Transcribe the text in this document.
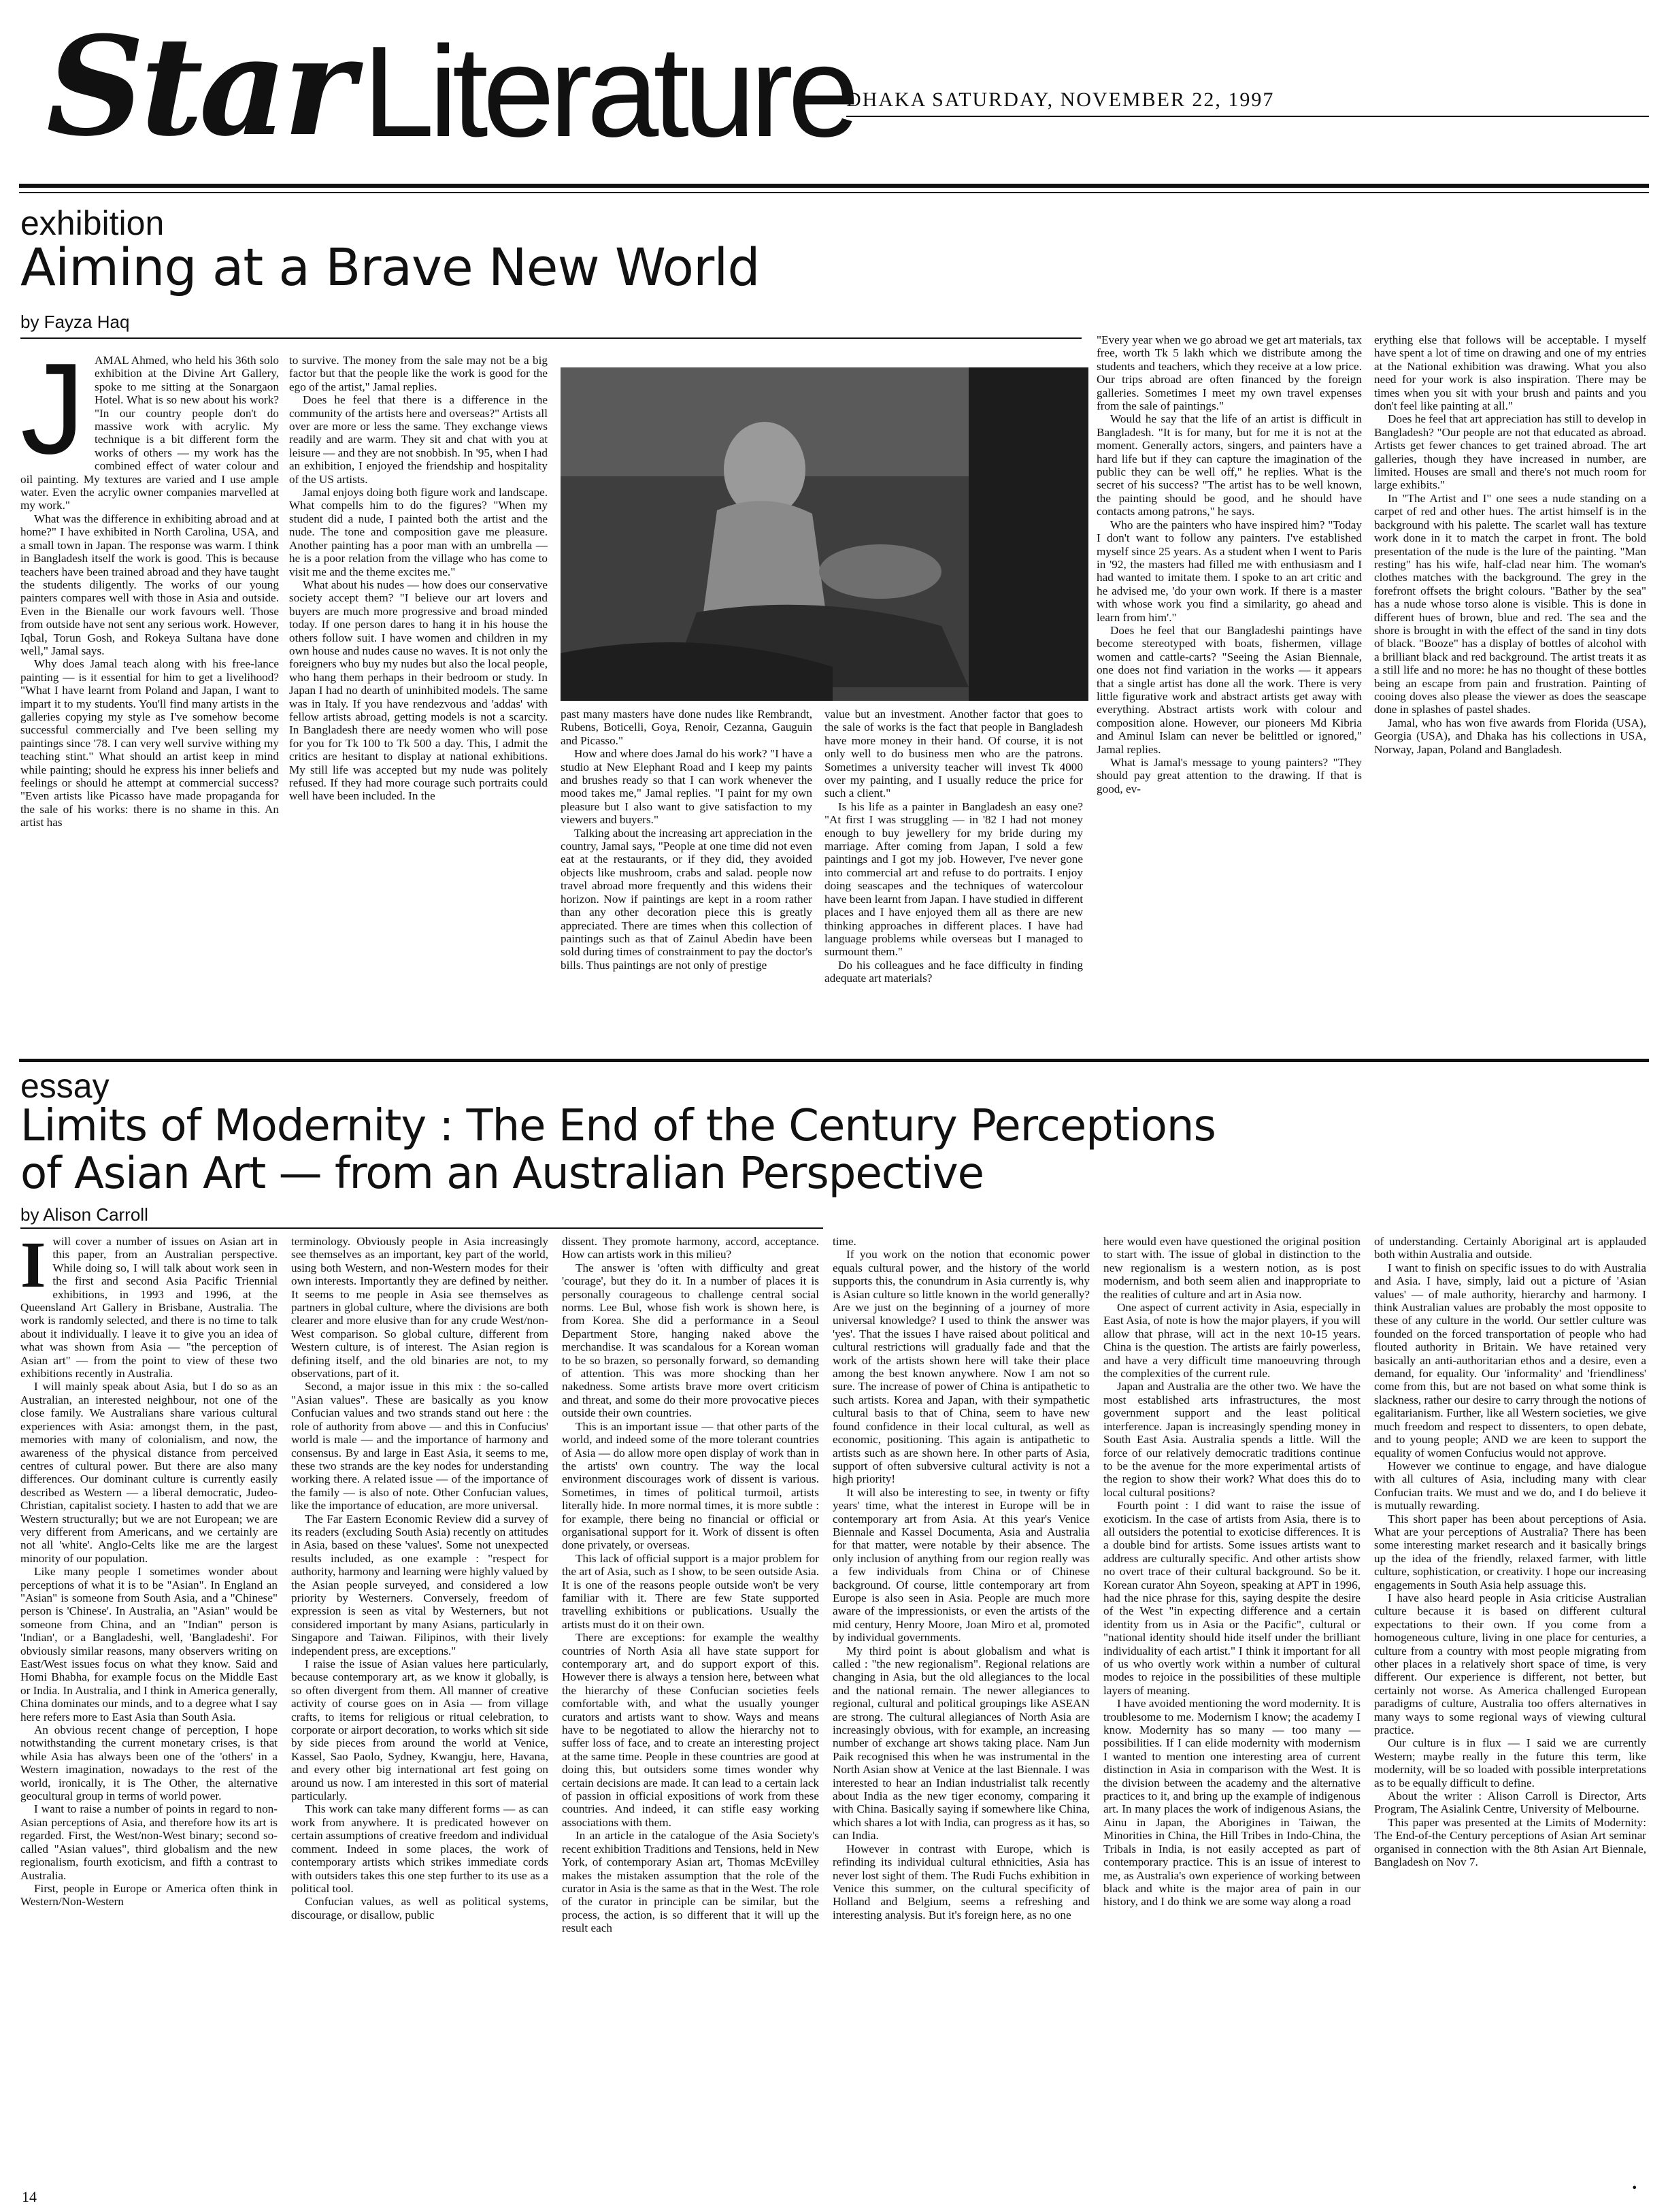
Star Literature
DHAKA SATURDAY, NOVEMBER 22, 1997
exhibition
Aiming at a Brave New World
by Fayza Haq
J AMAL Ahmed, who held his 36th solo exhibition at the Divine Art Gallery, spoke to me sitting at the Sonargaon Hotel. What is so new about his work? "In our country people don't do massive work with acrylic. My technique is a bit different form the works of others — my work has the combined effect of water colour and oil painting. My textures are varied and I use ample water. Even the acrylic owner companies marvelled at my work."

What was the difference in exhibiting abroad and at home?" I have exhibited in North Carolina, USA, and a small town in Japan. The response was warm. I think in Bangladesh itself the work is good. This is because teachers have been trained abroad and they have taught the students diligently. The works of our young painters compares well with those in Asia and outside. Even in the Bienalle our work favours well. Those from outside have not sent any serious work. However, Iqbal, Torun Gosh, and Rokeya Sultana have done well," Jamal says.

Why does Jamal teach along with his free-lance painting — is it essential for him to get a livelihood? "What I have learnt from Poland and Japan, I want to impart it to my students. You'll find many artists in the galleries copying my style as I've somehow become successful commercially and I've been selling my paintings since '78. I can very well survive withing my teaching stint." What should an artist keep in mind while painting; should he express his inner beliefs and feelings or should he attempt at commercial success? "Even artists like Picasso have made propaganda for the sale of his works: there is no shame in this. An artist has

to survive. The money from the sale may not be a big factor but that the people like the work is good for the ego of the artist," Jamal replies.

Does he feel that there is a difference in the community of the artists here and overseas?" Artists all over are more or less the same. They exchange views readily and are warm. They sit and chat with you at leisure — and they are not snobbish. In '95, when I had an exhibition, I enjoyed the friendship and hospitality of the US artists.

Jamal enjoys doing both figure work and landscape. What compells him to do the figures? "When my student did a nude, I painted both the artist and the nude. The tone and composition gave me pleasure. Another painting has a poor man with an umbrella — he is a poor relation from the village who has come to visit me and the theme excites me."

What about his nudes — how does our conservative society accept them? "I believe our art lovers and buyers are much more progressive and broad minded today. If one person dares to hang it in his house the others follow suit. I have women and children in my own house and nudes cause no waves. It is not only the foreigners who buy my nudes but also the local people, who hang them perhaps in their bedroom or study. In Japan I had no dearth of uninhibited models. The same was in Italy. If you have rendezvous and 'addas' with fellow artists abroad, getting models is not a scarcity. In Bangladesh there are needy women who will pose for you for Tk 100 to Tk 500 a day. This, I admit the critics are hesitant to display at national exhibitions. My still life was accepted but my nude was politely refused. If they had more courage such portraits could well have been included. In the

past many masters have done nudes like Rembrandt, Rubens, Boticelli, Goya, Renoir, Cezanna, Gauguin and Picasso."

How and where does Jamal do his work? "I have a studio at New Elephant Road and I keep my paints and brushes ready so that I can work whenever the mood takes me," Jamal replies. "I paint for my own pleasure but I also want to give satisfaction to my viewers and buyers."

Talking about the increasing art appreciation in the country, Jamal says, "People at one time did not even eat at the restaurants, or if they did, they avoided objects like mushroom, crabs and salad. people now travel abroad more frequently and this widens their horizon. Now if paintings are kept in a room rather than any other decoration piece this is greatly appreciated. There are times when this collection of paintings such as that of Zainul Abedin have been sold during times of constrainment to pay the doctor's bills. Thus paintings are not only of prestige

value but an investment. Another factor that goes to the sale of works is the fact that people in Bangladesh have more money in their hand. Of course, it is not only well to do business men who are the patrons. Sometimes a university teacher will invest Tk 4000 over my painting, and I usually reduce the price for such a client."

Is his life as a painter in Bangladesh an easy one? "At first I was struggling — in '82 I had not money enough to buy jewellery for my bride during my marriage. After coming from Japan, I sold a few paintings and I got my job. However, I've never gone into commercial art and refuse to do portraits. I enjoy doing seascapes and the techniques of watercolour have been learnt from Japan. I have studied in different places and I have enjoyed them all as there are new thinking approaches in different places. I have had language problems while overseas but I managed to surmount them."

Do his colleagues and he face difficulty in finding adequate art materials?

"Every year when we go abroad we get art materials, tax free, worth Tk 5 lakh which we distribute among the students and teachers, which they receive at a low price. Our trips abroad are often financed by the foreign galleries. Sometimes I meet my own travel expenses from the sale of paintings."

Would he say that the life of an artist is difficult in Bangladesh. "It is for many, but for me it is not at the moment. Generally actors, singers, and painters have a hard life but if they can capture the imagination of the public they can be well off," he replies. What is the secret of his success? "The artist has to be well known, the painting should be good, and he should have contacts among patrons," he says.

Who are the painters who have inspired him? "Today I don't want to follow any painters. I've established myself since 25 years. As a student when I went to Paris in '92, the masters had filled me with enthusiasm and I had wanted to imitate them. I spoke to an art critic and he advised me, 'do your own work. If there is a master with whose work you find a similarity, go ahead and learn from him'."

Does he feel that our Bangladeshi paintings have become stereotyped with boats, fishermen, village women and cattle-carts? "Seeing the Asian Biennale, one does not find variation in the works — it appears that a single artist has done all the work. There is very little figurative work and abstract artists get away with everything. Abstract artists work with colour and composition alone. However, our pioneers Md Kibria and Aminul Islam can never be belittled or ignored," Jamal replies.

What is Jamal's message to young painters? "They should pay great attention to the drawing. If that is good, ev-

erything else that follows will be acceptable. I myself have spent a lot of time on drawing and one of my entries at the National exhibition was drawing. What you also need for your work is also inspiration. There may be times when you sit with your brush and paints and you don't feel like painting at all."

Does he feel that art appreciation has still to develop in Bangladesh? "Our people are not that educated as abroad. Artists get fewer chances to get trained abroad. The art galleries, though they have increased in number, are limited. Houses are small and there's not much room for large exhibits."

In "The Artist and I" one sees a nude standing on a carpet of red and other hues. The artist himself is in the background with his palette. The scarlet wall has texture work done in it to match the carpet in front. The bold presentation of the nude is the lure of the painting. "Man resting" has his wife, half-clad near him. The woman's clothes matches with the background. The grey in the forefront offsets the bright colours. "Bather by the sea" has a nude whose torso alone is visible. This is done in different hues of brown, blue and red. The sea and the shore is brought in with the effect of the sand in tiny dots of black. "Booze" has a display of bottles of alcohol with a brilliant black and red background. The artist treats it as a still life and no more: he has no thought of these bottles being an escape from pain and frustration. Painting of cooing doves also please the viewer as does the seascape done in splashes of pastel shades.

Jamal, who has won five awards from Florida (USA), Georgia (USA), and Dhaka has his collections in USA, Norway, Japan, Poland and Bangladesh.

essay
Limits of Modernity : The End of the Century Perceptions
of Asian Art — from an Australian Perspective
by Alison Carroll
I will cover a number of issues on Asian art in this paper, from an Australian perspective. While doing so, I will talk about work seen in the first and second Asia Pacific Triennial exhibitions, in 1993 and 1996, at the Queensland Art Gallery in Brisbane, Australia. The work is randomly selected, and there is no time to talk about it individually. I leave it to give you an idea of what was shown from Asia — "the perception of Asian art" — from the point to view of these two exhibitions recently in Australia.

I will mainly speak about Asia, but I do so as an Australian, an interested neighbour, not one of the close family. We Australians share various cultural experiences with Asia: amongst them, in the past, memories with many of colonialism, and now, the awareness of the physical distance from perceived centres of cultural power. But there are also many differences. Our dominant culture is currently easily described as Western — a liberal democratic, Judeo-Christian, capitalist society. I hasten to add that we are Western structurally; but we are not European; we are very different from Americans, and we certainly are not all 'white'. Anglo-Celts like me are the largest minority of our population.

Like many people I sometimes wonder about perceptions of what it is to be "Asian". In England an "Asian" is someone from South Asia, and a "Chinese" person is 'Chinese'. In Australia, an "Asian" would be someone from China, and an "Indian" person is 'Indian', or a Bangladeshi, well, 'Bangladeshi'. For obviously similar reasons, many observers writing on East/West issues focus on what they know. Said and Homi Bhabha, for example focus on the Middle East or India. In Australia, and I think in America generally, China dominates our minds, and to a degree what I say here refers more to East Asia than South Asia.

An obvious recent change of perception, I hope notwithstanding the current monetary crises, is that while Asia has always been one of the 'others' in a Western imagination, nowadays to the rest of the world, ironically, it is The Other, the alternative geocultural group in terms of world power.

I want to raise a number of points in regard to non-Asian perceptions of Asia, and therefore how its art is regarded. First, the West/non-West binary; second so-called "Asian values", third globalism and the new regionalism, fourth exoticism, and fifth a contrast to Australia.

First, people in Europe or America often think in Western/Non-Western

terminology. Obviously people in Asia increasingly see themselves as an important, key part of the world, using both Western, and non-Western modes for their own interests. Importantly they are defined by neither. It seems to me people in Asia see themselves as partners in global culture, where the divisions are both clearer and more elusive than for any crude West/non-West comparison. So global culture, different from Western culture, is of interest. The Asian region is defining itself, and the old binaries are not, to my observations, part of it.

Second, a major issue in this mix : the so-called "Asian values". These are basically as you know Confucian values and two strands stand out here : the role of authority from above — and this in Confucius' world is male — and the importance of harmony and consensus. By and large in East Asia, it seems to me, these two strands are the key nodes for understanding working there. A related issue — of the importance of the family — is also of note. Other Confucian values, like the importance of education, are more universal.

The Far Eastern Economic Review did a survey of its readers (excluding South Asia) recently on attitudes in Asia, based on these 'values'. Some not unexpected results included, as one example : "respect for authority, harmony and learning were highly valued by the Asian people surveyed, and considered a low priority by Westerners. Conversely, freedom of expression is seen as vital by Westerners, but not considered important by many Asians, particularly in Singapore and Taiwan. Filipinos, with their lively independent press, are exceptions."

I raise the issue of Asian values here particularly, because contemporary art, as we know it globally, is so often divergent from them. All manner of creative activity of course goes on in Asia — from village crafts, to items for religious or ritual celebration, to corporate or airport decoration, to works which sit side by side pieces from around the world at Venice, Kassel, Sao Paolo, Sydney, Kwangju, here, Havana, and every other big international art fest going on around us now. I am interested in this sort of material particularly.

This work can take many different forms — as can work from anywhere. It is predicated however on certain assumptions of creative freedom and individual comment. Indeed in some places, the work of contemporary artists which strikes immediate cords with outsiders takes this one step further to its use as a political tool.

Confucian values, as well as political systems, discourage, or disallow, public

dissent. They promote harmony, accord, acceptance. How can artists work in this milieu?

The answer is 'often with difficulty and great 'courage', but they do it. In a number of places it is personally courageous to challenge central social norms. Lee Bul, whose fish work is shown here, is from Korea. She did a performance in a Seoul Department Store, hanging naked above the merchandise. It was scandalous for a Korean woman to be so brazen, so personally forward, so demanding of attention. This was more shocking than her nakedness. Some artists brave more overt criticism and threat, and some do their more provocative pieces outside their own countries.

This is an important issue — that other parts of the world, and indeed some of the more tolerant countries of Asia — do allow more open display of work than in the artists' own country. The way the local environment discourages work of dissent is various. Sometimes, in times of political turmoil, artists literally hide. In more normal times, it is more subtle : for example, there being no financial or official or organisational support for it. Work of dissent is often done privately, or overseas.

This lack of official support is a major problem for the art of Asia, such as I show, to be seen outside Asia. It is one of the reasons people outside won't be very familiar with it. There are few State supported travelling exhibitions or publications. Usually the artists must do it on their own.

There are exceptions: for example the wealthy countries of North Asia all have state support for contemporary art, and do support export of this. However there is always a tension here, between what the hierarchy of these Confucian societies feels comfortable with, and what the usually younger curators and artists want to show. Ways and means have to be negotiated to allow the hierarchy not to suffer loss of face, and to create an interesting project at the same time. People in these countries are good at doing this, but outsiders some times wonder why certain decisions are made. It can lead to a certain lack of passion in official expositions of work from these countries. And indeed, it can stifle easy working associations with them.

In an article in the catalogue of the Asia Society's recent exhibition Traditions and Tensions, held in New York, of contemporary Asian art, Thomas McEvilley makes the mistaken assumption that the role of the curator in Asia is the same as that in the West. The role of the curator in principle can be similar, but the process, the action, is so different that it will up the result each

time.

If you work on the notion that economic power equals cultural power, and the history of the world supports this, the conundrum in Asia currently is, why is Asian culture so little known in the world generally? Are we just on the beginning of a journey of more universal knowledge? I used to think the answer was 'yes'. That the issues I have raised about political and cultural restrictions will gradually fade and that the work of the artists shown here will take their place among the best known anywhere. Now I am not so sure. The increase of power of China is antipathetic to such artists. Korea and Japan, with their sympathetic cultural basis to that of China, seem to have new found confidence in their local cultural, as well as economic, positioning. This again is antipathetic to artists such as are shown here. In other parts of Asia, support of often subversive cultural activity is not a high priority!

It will also be interesting to see, in twenty or fifty years' time, what the interest in Europe will be in contemporary art from Asia. At this year's Venice Biennale and Kassel Documenta, Asia and Australia for that matter, were notable by their absence. The only inclusion of anything from our region really was a few individuals from China or of Chinese background. Of course, little contemporary art from Europe is also seen in Asia. People are much more aware of the impressionists, or even the artists of the mid century, Henry Moore, Joan Miro et al, promoted by individual governments.

My third point is about globalism and what is called : "the new regionalism". Regional relations are changing in Asia, but the old allegiances to the local and the national remain. The newer allegiances to regional, cultural and political groupings like ASEAN are strong. The cultural allegiances of North Asia are increasingly obvious, with for example, an increasing number of exchange art shows taking place. Nam Jun Paik recognised this when he was instrumental in the North Asian show at Venice at the last Biennale. I was interested to hear an Indian industrialist talk recently about India as the new tiger economy, comparing it with China. Basically saying if somewhere like China, which shares a lot with India, can progress as it has, so can India.

However in contrast with Europe, which is refinding its individual cultural ethnicities, Asia has never lost sight of them. The Rudi Fuchs exhibition in Venice this summer, on the cultural specificity of Holland and Belgium, seems a refreshing and interesting analysis. But it's foreign here, as no one

here would even have questioned the original position to start with. The issue of global in distinction to the new regionalism is a western notion, as is post modernism, and both seem alien and inappropriate to the realities of culture and art in Asia now.

One aspect of current activity in Asia, especially in East Asia, of note is how the major players, if you will allow that phrase, will act in the next 10-15 years. China is the question. The artists are fairly powerless, and have a very difficult time manoeuvring through the complexities of the current rule.

Japan and Australia are the other two. We have the most established arts infrastructures, the most government support and the least political interference. Japan is increasingly spending money in South East Asia. Australia spends a little. Will the force of our relatively democratic traditions continue to be the avenue for the more experimental artists of the region to show their work? What does this do to local cultural positions?

Fourth point : I did want to raise the issue of exoticism. In the case of artists from Asia, there is to all outsiders the potential to exoticise differences. It is a double bind for artists. Some issues artists want to address are culturally specific. And other artists show no overt trace of their cultural background. So be it. Korean curator Ahn Soyeon, speaking at APT in 1996, had the nice phrase for this, saying despite the desire of the West "in expecting difference and a certain identity from us in Asia or the Pacific", cultural or "national identity should hide itself under the brilliant individuality of each artist." I think it important for all of us who overtly work within a number of cultural modes to rejoice in the possibilities of these multiple layers of meaning.

I have avoided mentioning the word modernity. It is troublesome to me. Modernism I know; the academy I know. Modernity has so many — too many — possibilities. If I can elide modernity with modernism I wanted to mention one interesting area of current distinction in Asia in comparison with the West. It is the division between the academy and the alternative practices to it, and bring up the example of indigenous art. In many places the work of indigenous Asians, the Ainu in Japan, the Aborigines in Taiwan, the Minorities in China, the Hill Tribes in Indo-China, the Tribals in India, is not easily accepted as part of contemporary practice. This is an issue of interest to me, as Australia's own experience of working between black and white is the major area of pain in our history, and I do think we are some way along a road

of understanding. Certainly Aboriginal art is applauded both within Australia and outside.

I want to finish on specific issues to do with Australia and Asia. I have, simply, laid out a picture of 'Asian values' — of male authority, hierarchy and harmony. I think Australian values are probably the most opposite to these of any culture in the world. Our settler culture was founded on the forced transportation of people who had flouted authority in Britain. We have retained very basically an anti-authoritarian ethos and a desire, even a demand, for equality. Our 'informality' and 'friendliness' come from this, but are not based on what some think is slackness, rather our desire to carry through the notions of egalitarianism. Further, like all Western societies, we give much freedom and respect to dissenters, to open debate, and to young people; AND we are keen to support the equality of women Confucius would not approve.

However we continue to engage, and have dialogue with all cultures of Asia, including many with clear Confucian traits. We must and we do, and I do believe it is mutually rewarding.

This short paper has been about perceptions of Asia. What are your perceptions of Australia? There has been some interesting market research and it basically brings up the idea of the friendly, relaxed farmer, with little culture, sophistication, or creativity. I hope our increasing engagements in South Asia help assuage this.

I have also heard people in Asia criticise Australian culture because it is based on different cultural expectations to their own. If you come from a homogeneous culture, living in one place for centuries, a culture from a country with most people migrating from other places in a relatively short space of time, is very different. Our experience is different, not better, but certainly not worse. As America challenged European paradigms of culture, Australia too offers alternatives in many ways to some regional ways of viewing cultural practice.

Our culture is in flux — I said we are currently Western; maybe really in the future this term, like modernity, will be so loaded with possible interpretations as to be equally difficult to define.

About the writer : Alison Carroll is Director, Arts Program, The Asialink Centre, University of Melbourne.

This paper was presented at the Limits of Modernity: The End-of-the Century perceptions of Asian Art seminar organised in connection with the 8th Asian Art Biennale, Bangladesh on Nov 7.

14
•
